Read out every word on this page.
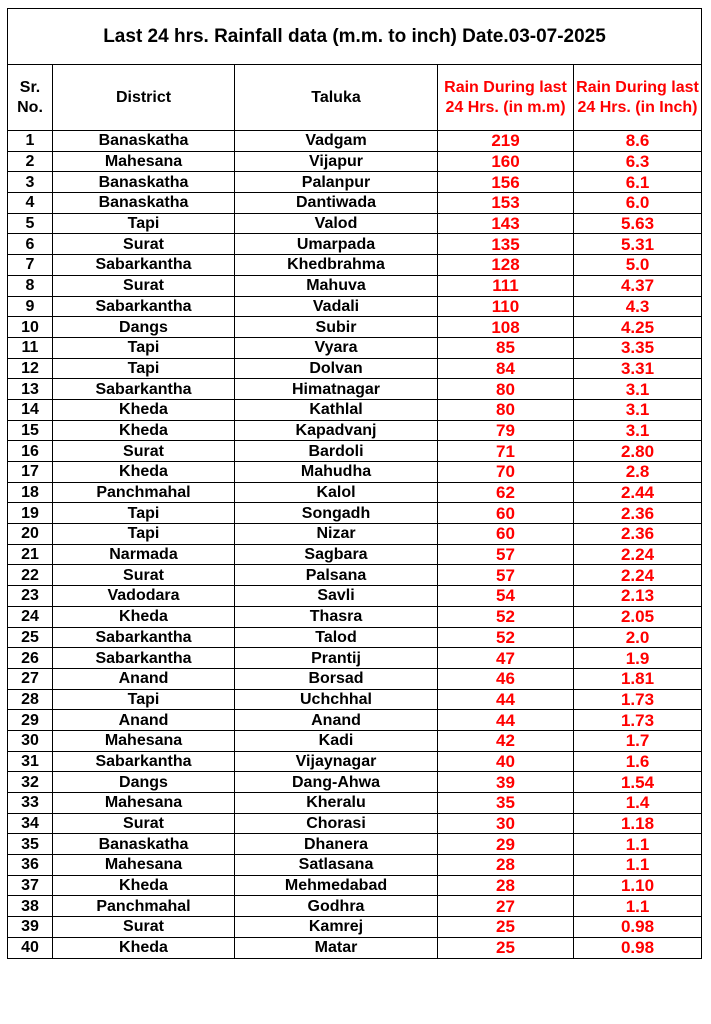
Last 24 hrs. Rainfall data (m.m. to inch) Date.03-07-2025				
Sr. No.	District	Taluka	Rain During last 24 Hrs. (in m.m)	Rain During last 24 Hrs. (in Inch)
1	Banaskatha	Vadgam	219	8.6
2	Mahesana	Vijapur	160	6.3
3	Banaskatha	Palanpur	156	6.1
4	Banaskatha	Dantiwada	153	6.0
5	Tapi	Valod	143	5.63
6	Surat	Umarpada	135	5.31
7	Sabarkantha	Khedbrahma	128	5.0
8	Surat	Mahuva	111	4.37
9	Sabarkantha	Vadali	110	4.3
10	Dangs	Subir	108	4.25
11	Tapi	Vyara	85	3.35
12	Tapi	Dolvan	84	3.31
13	Sabarkantha	Himatnagar	80	3.1
14	Kheda	Kathlal	80	3.1
15	Kheda	Kapadvanj	79	3.1
16	Surat	Bardoli	71	2.80
17	Kheda	Mahudha	70	2.8
18	Panchmahal	Kalol	62	2.44
19	Tapi	Songadh	60	2.36
20	Tapi	Nizar	60	2.36
21	Narmada	Sagbara	57	2.24
22	Surat	Palsana	57	2.24
23	Vadodara	Savli	54	2.13
24	Kheda	Thasra	52	2.05
25	Sabarkantha	Talod	52	2.0
26	Sabarkantha	Prantij	47	1.9
27	Anand	Borsad	46	1.81
28	Tapi	Uchchhal	44	1.73
29	Anand	Anand	44	1.73
30	Mahesana	Kadi	42	1.7
31	Sabarkantha	Vijaynagar	40	1.6
32	Dangs	Dang-Ahwa	39	1.54
33	Mahesana	Kheralu	35	1.4
34	Surat	Chorasi	30	1.18
35	Banaskatha	Dhanera	29	1.1
36	Mahesana	Satlasana	28	1.1
37	Kheda	Mehmedabad	28	1.10
38	Panchmahal	Godhra	27	1.1
39	Surat	Kamrej	25	0.98
40	Kheda	Matar	25	0.98
